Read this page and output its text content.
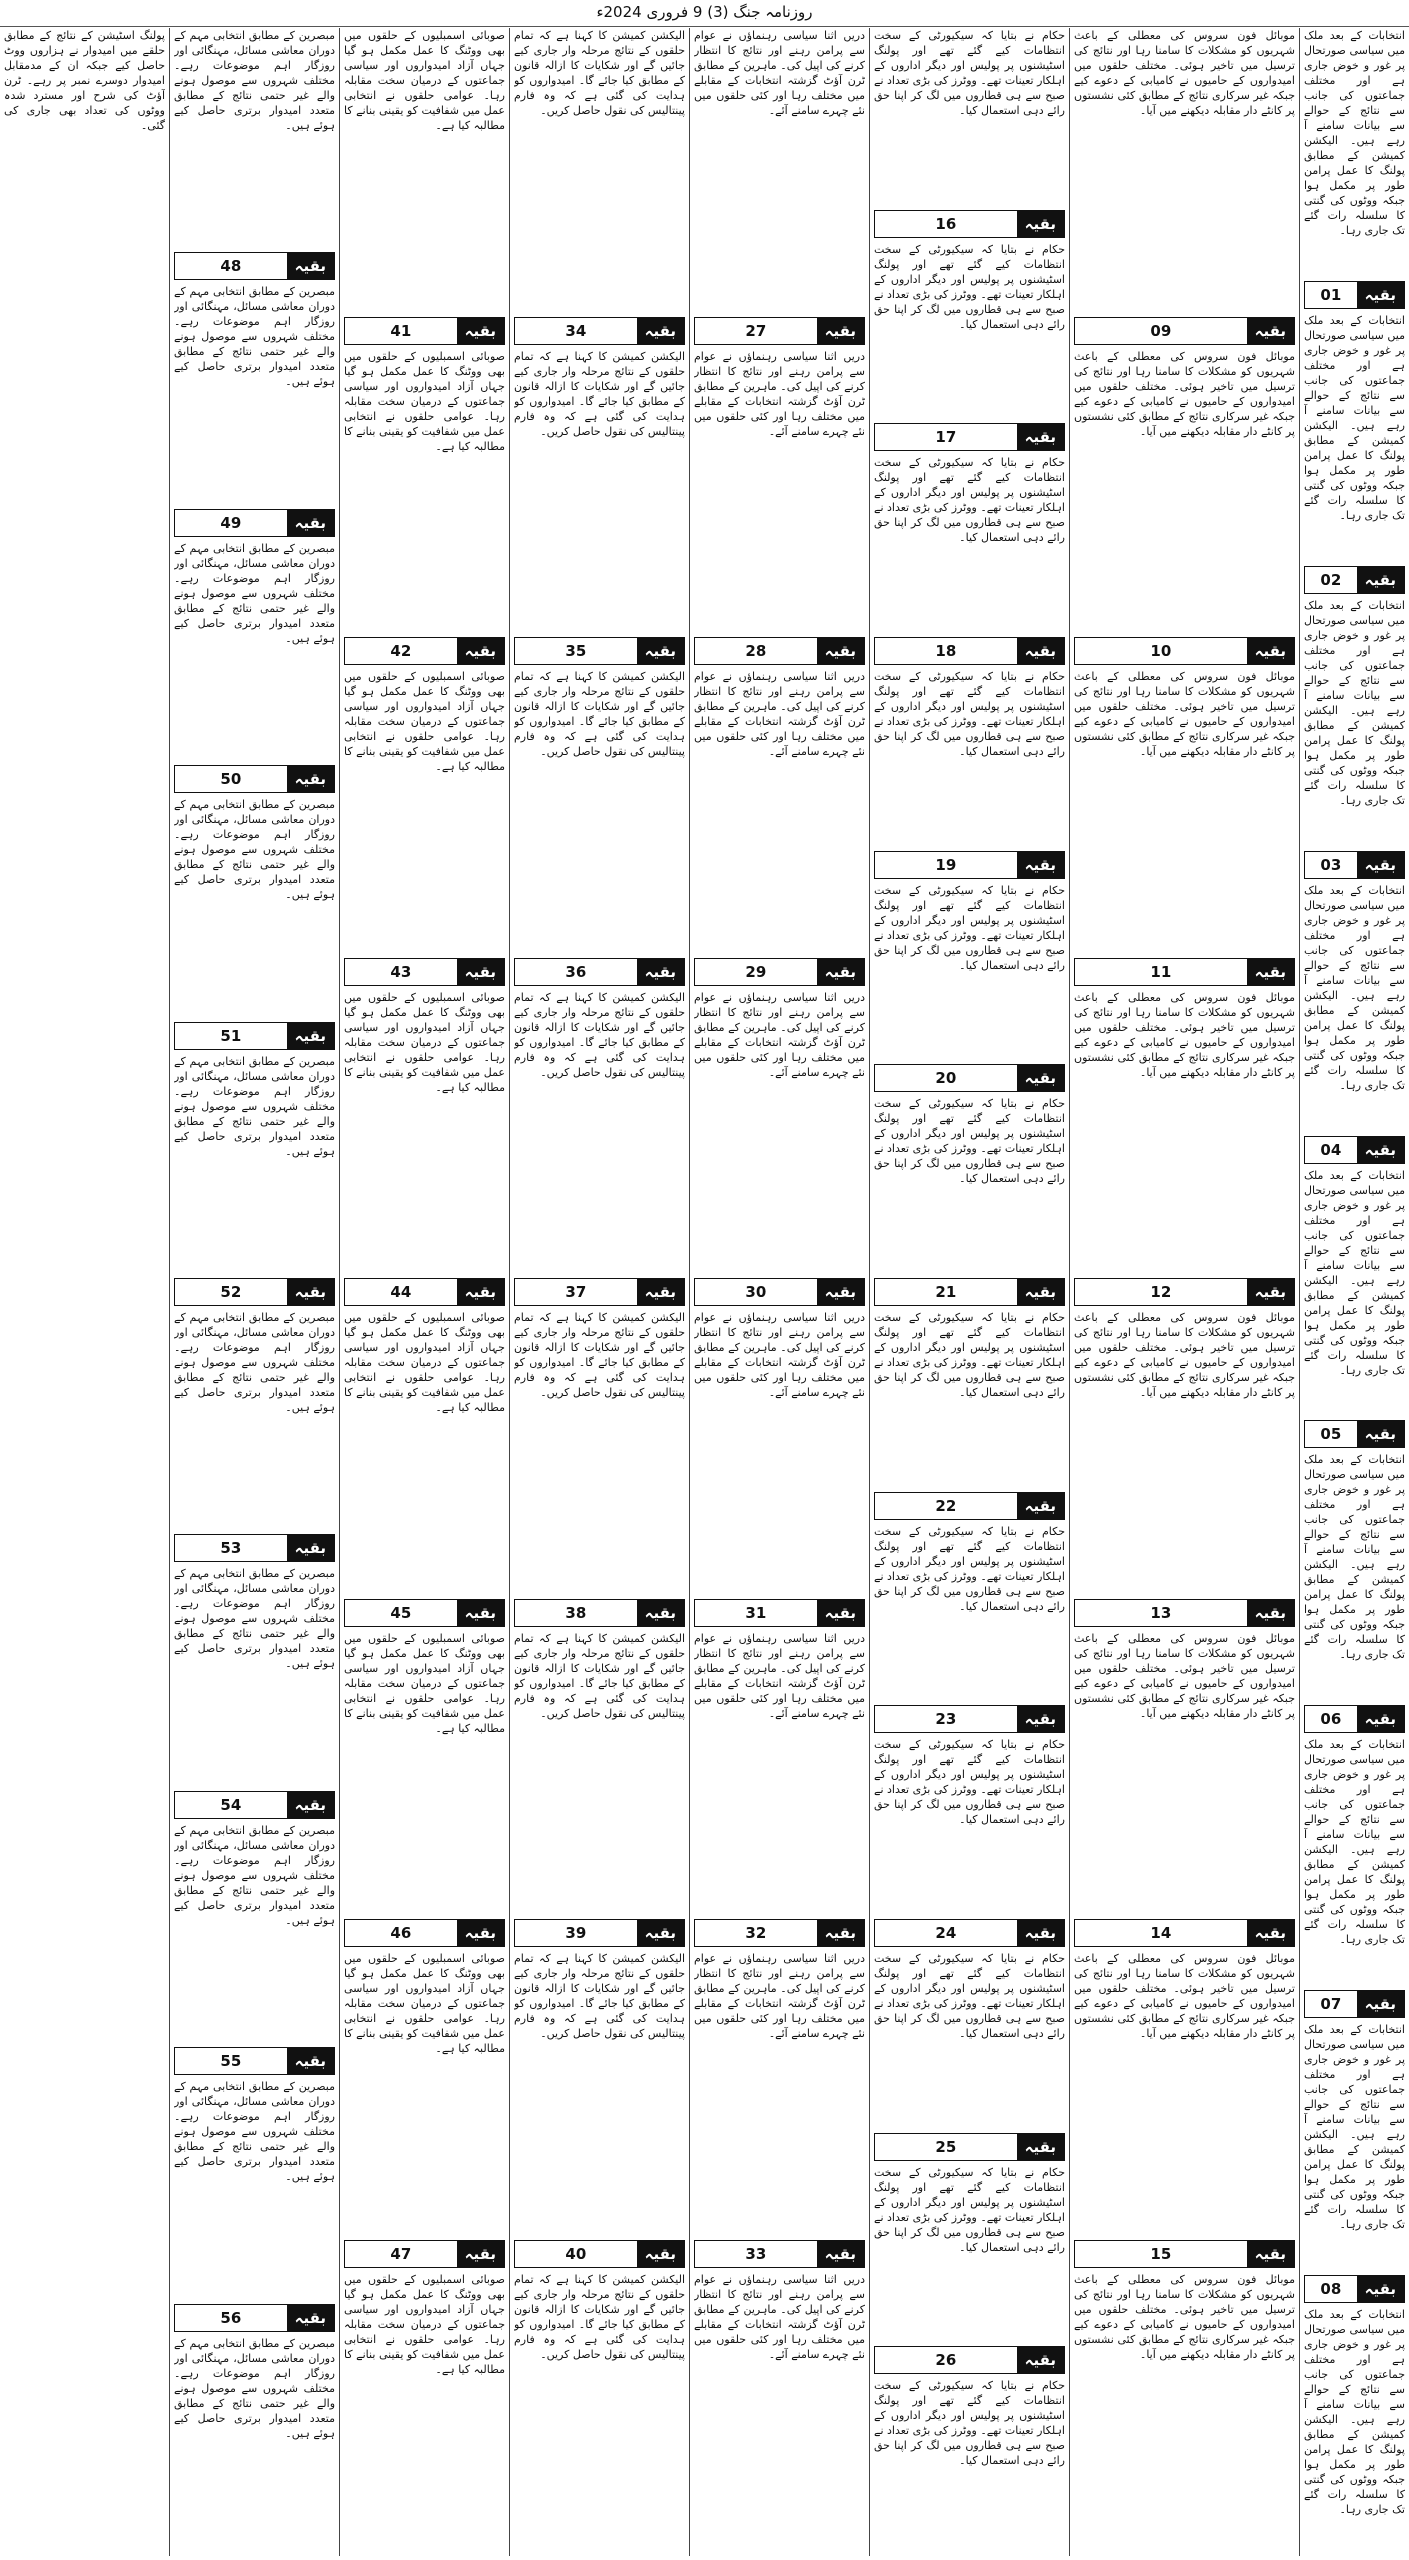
روزنامہ جنگ (3) 9 فروری 2024ء
انتخابات کے بعد ملک میں سیاسی صورتحال پر غور و خوض جاری ہے اور مختلف جماعتوں کی جانب سے نتائج کے حوالے سے بیانات سامنے آ رہے ہیں۔ الیکشن کمیشن کے مطابق پولنگ کا عمل پرامن طور پر مکمل ہوا جبکہ ووٹوں کی گنتی کا سلسلہ رات گئے تک جاری رہا۔
بقیہ
01
انتخابات کے بعد ملک میں سیاسی صورتحال پر غور و خوض جاری ہے اور مختلف جماعتوں کی جانب سے نتائج کے حوالے سے بیانات سامنے آ رہے ہیں۔ الیکشن کمیشن کے مطابق پولنگ کا عمل پرامن طور پر مکمل ہوا جبکہ ووٹوں کی گنتی کا سلسلہ رات گئے تک جاری رہا۔
بقیہ
02
انتخابات کے بعد ملک میں سیاسی صورتحال پر غور و خوض جاری ہے اور مختلف جماعتوں کی جانب سے نتائج کے حوالے سے بیانات سامنے آ رہے ہیں۔ الیکشن کمیشن کے مطابق پولنگ کا عمل پرامن طور پر مکمل ہوا جبکہ ووٹوں کی گنتی کا سلسلہ رات گئے تک جاری رہا۔
بقیہ
03
انتخابات کے بعد ملک میں سیاسی صورتحال پر غور و خوض جاری ہے اور مختلف جماعتوں کی جانب سے نتائج کے حوالے سے بیانات سامنے آ رہے ہیں۔ الیکشن کمیشن کے مطابق پولنگ کا عمل پرامن طور پر مکمل ہوا جبکہ ووٹوں کی گنتی کا سلسلہ رات گئے تک جاری رہا۔
بقیہ
04
انتخابات کے بعد ملک میں سیاسی صورتحال پر غور و خوض جاری ہے اور مختلف جماعتوں کی جانب سے نتائج کے حوالے سے بیانات سامنے آ رہے ہیں۔ الیکشن کمیشن کے مطابق پولنگ کا عمل پرامن طور پر مکمل ہوا جبکہ ووٹوں کی گنتی کا سلسلہ رات گئے تک جاری رہا۔
بقیہ
05
انتخابات کے بعد ملک میں سیاسی صورتحال پر غور و خوض جاری ہے اور مختلف جماعتوں کی جانب سے نتائج کے حوالے سے بیانات سامنے آ رہے ہیں۔ الیکشن کمیشن کے مطابق پولنگ کا عمل پرامن طور پر مکمل ہوا جبکہ ووٹوں کی گنتی کا سلسلہ رات گئے تک جاری رہا۔
بقیہ
06
انتخابات کے بعد ملک میں سیاسی صورتحال پر غور و خوض جاری ہے اور مختلف جماعتوں کی جانب سے نتائج کے حوالے سے بیانات سامنے آ رہے ہیں۔ الیکشن کمیشن کے مطابق پولنگ کا عمل پرامن طور پر مکمل ہوا جبکہ ووٹوں کی گنتی کا سلسلہ رات گئے تک جاری رہا۔
بقیہ
07
انتخابات کے بعد ملک میں سیاسی صورتحال پر غور و خوض جاری ہے اور مختلف جماعتوں کی جانب سے نتائج کے حوالے سے بیانات سامنے آ رہے ہیں۔ الیکشن کمیشن کے مطابق پولنگ کا عمل پرامن طور پر مکمل ہوا جبکہ ووٹوں کی گنتی کا سلسلہ رات گئے تک جاری رہا۔
بقیہ
08
انتخابات کے بعد ملک میں سیاسی صورتحال پر غور و خوض جاری ہے اور مختلف جماعتوں کی جانب سے نتائج کے حوالے سے بیانات سامنے آ رہے ہیں۔ الیکشن کمیشن کے مطابق پولنگ کا عمل پرامن طور پر مکمل ہوا جبکہ ووٹوں کی گنتی کا سلسلہ رات گئے تک جاری رہا۔
موبائل فون سروس کی معطلی کے باعث شہریوں کو مشکلات کا سامنا رہا اور نتائج کی ترسیل میں تاخیر ہوئی۔ مختلف حلقوں میں امیدواروں کے حامیوں نے کامیابی کے دعوے کیے جبکہ غیر سرکاری نتائج کے مطابق کئی نشستوں پر کانٹے دار مقابلہ دیکھنے میں آیا۔
بقیہ
09
موبائل فون سروس کی معطلی کے باعث شہریوں کو مشکلات کا سامنا رہا اور نتائج کی ترسیل میں تاخیر ہوئی۔ مختلف حلقوں میں امیدواروں کے حامیوں نے کامیابی کے دعوے کیے جبکہ غیر سرکاری نتائج کے مطابق کئی نشستوں پر کانٹے دار مقابلہ دیکھنے میں آیا۔
بقیہ
10
موبائل فون سروس کی معطلی کے باعث شہریوں کو مشکلات کا سامنا رہا اور نتائج کی ترسیل میں تاخیر ہوئی۔ مختلف حلقوں میں امیدواروں کے حامیوں نے کامیابی کے دعوے کیے جبکہ غیر سرکاری نتائج کے مطابق کئی نشستوں پر کانٹے دار مقابلہ دیکھنے میں آیا۔
بقیہ
11
موبائل فون سروس کی معطلی کے باعث شہریوں کو مشکلات کا سامنا رہا اور نتائج کی ترسیل میں تاخیر ہوئی۔ مختلف حلقوں میں امیدواروں کے حامیوں نے کامیابی کے دعوے کیے جبکہ غیر سرکاری نتائج کے مطابق کئی نشستوں پر کانٹے دار مقابلہ دیکھنے میں آیا۔
بقیہ
12
موبائل فون سروس کی معطلی کے باعث شہریوں کو مشکلات کا سامنا رہا اور نتائج کی ترسیل میں تاخیر ہوئی۔ مختلف حلقوں میں امیدواروں کے حامیوں نے کامیابی کے دعوے کیے جبکہ غیر سرکاری نتائج کے مطابق کئی نشستوں پر کانٹے دار مقابلہ دیکھنے میں آیا۔
بقیہ
13
موبائل فون سروس کی معطلی کے باعث شہریوں کو مشکلات کا سامنا رہا اور نتائج کی ترسیل میں تاخیر ہوئی۔ مختلف حلقوں میں امیدواروں کے حامیوں نے کامیابی کے دعوے کیے جبکہ غیر سرکاری نتائج کے مطابق کئی نشستوں پر کانٹے دار مقابلہ دیکھنے میں آیا۔
بقیہ
14
موبائل فون سروس کی معطلی کے باعث شہریوں کو مشکلات کا سامنا رہا اور نتائج کی ترسیل میں تاخیر ہوئی۔ مختلف حلقوں میں امیدواروں کے حامیوں نے کامیابی کے دعوے کیے جبکہ غیر سرکاری نتائج کے مطابق کئی نشستوں پر کانٹے دار مقابلہ دیکھنے میں آیا۔
بقیہ
15
موبائل فون سروس کی معطلی کے باعث شہریوں کو مشکلات کا سامنا رہا اور نتائج کی ترسیل میں تاخیر ہوئی۔ مختلف حلقوں میں امیدواروں کے حامیوں نے کامیابی کے دعوے کیے جبکہ غیر سرکاری نتائج کے مطابق کئی نشستوں پر کانٹے دار مقابلہ دیکھنے میں آیا۔
حکام نے بتایا کہ سیکیورٹی کے سخت انتظامات کیے گئے تھے اور پولنگ اسٹیشنوں پر پولیس اور دیگر اداروں کے اہلکار تعینات تھے۔ ووٹرز کی بڑی تعداد نے صبح سے ہی قطاروں میں لگ کر اپنا حق رائے دہی استعمال کیا۔
بقیہ
16
حکام نے بتایا کہ سیکیورٹی کے سخت انتظامات کیے گئے تھے اور پولنگ اسٹیشنوں پر پولیس اور دیگر اداروں کے اہلکار تعینات تھے۔ ووٹرز کی بڑی تعداد نے صبح سے ہی قطاروں میں لگ کر اپنا حق رائے دہی استعمال کیا۔
بقیہ
17
حکام نے بتایا کہ سیکیورٹی کے سخت انتظامات کیے گئے تھے اور پولنگ اسٹیشنوں پر پولیس اور دیگر اداروں کے اہلکار تعینات تھے۔ ووٹرز کی بڑی تعداد نے صبح سے ہی قطاروں میں لگ کر اپنا حق رائے دہی استعمال کیا۔
بقیہ
18
حکام نے بتایا کہ سیکیورٹی کے سخت انتظامات کیے گئے تھے اور پولنگ اسٹیشنوں پر پولیس اور دیگر اداروں کے اہلکار تعینات تھے۔ ووٹرز کی بڑی تعداد نے صبح سے ہی قطاروں میں لگ کر اپنا حق رائے دہی استعمال کیا۔
بقیہ
19
حکام نے بتایا کہ سیکیورٹی کے سخت انتظامات کیے گئے تھے اور پولنگ اسٹیشنوں پر پولیس اور دیگر اداروں کے اہلکار تعینات تھے۔ ووٹرز کی بڑی تعداد نے صبح سے ہی قطاروں میں لگ کر اپنا حق رائے دہی استعمال کیا۔
بقیہ
20
حکام نے بتایا کہ سیکیورٹی کے سخت انتظامات کیے گئے تھے اور پولنگ اسٹیشنوں پر پولیس اور دیگر اداروں کے اہلکار تعینات تھے۔ ووٹرز کی بڑی تعداد نے صبح سے ہی قطاروں میں لگ کر اپنا حق رائے دہی استعمال کیا۔
بقیہ
21
حکام نے بتایا کہ سیکیورٹی کے سخت انتظامات کیے گئے تھے اور پولنگ اسٹیشنوں پر پولیس اور دیگر اداروں کے اہلکار تعینات تھے۔ ووٹرز کی بڑی تعداد نے صبح سے ہی قطاروں میں لگ کر اپنا حق رائے دہی استعمال کیا۔
بقیہ
22
حکام نے بتایا کہ سیکیورٹی کے سخت انتظامات کیے گئے تھے اور پولنگ اسٹیشنوں پر پولیس اور دیگر اداروں کے اہلکار تعینات تھے۔ ووٹرز کی بڑی تعداد نے صبح سے ہی قطاروں میں لگ کر اپنا حق رائے دہی استعمال کیا۔
بقیہ
23
حکام نے بتایا کہ سیکیورٹی کے سخت انتظامات کیے گئے تھے اور پولنگ اسٹیشنوں پر پولیس اور دیگر اداروں کے اہلکار تعینات تھے۔ ووٹرز کی بڑی تعداد نے صبح سے ہی قطاروں میں لگ کر اپنا حق رائے دہی استعمال کیا۔
بقیہ
24
حکام نے بتایا کہ سیکیورٹی کے سخت انتظامات کیے گئے تھے اور پولنگ اسٹیشنوں پر پولیس اور دیگر اداروں کے اہلکار تعینات تھے۔ ووٹرز کی بڑی تعداد نے صبح سے ہی قطاروں میں لگ کر اپنا حق رائے دہی استعمال کیا۔
بقیہ
25
حکام نے بتایا کہ سیکیورٹی کے سخت انتظامات کیے گئے تھے اور پولنگ اسٹیشنوں پر پولیس اور دیگر اداروں کے اہلکار تعینات تھے۔ ووٹرز کی بڑی تعداد نے صبح سے ہی قطاروں میں لگ کر اپنا حق رائے دہی استعمال کیا۔
بقیہ
26
حکام نے بتایا کہ سیکیورٹی کے سخت انتظامات کیے گئے تھے اور پولنگ اسٹیشنوں پر پولیس اور دیگر اداروں کے اہلکار تعینات تھے۔ ووٹرز کی بڑی تعداد نے صبح سے ہی قطاروں میں لگ کر اپنا حق رائے دہی استعمال کیا۔
دریں اثنا سیاسی رہنماؤں نے عوام سے پرامن رہنے اور نتائج کا انتظار کرنے کی اپیل کی۔ ماہرین کے مطابق ٹرن آؤٹ گزشتہ انتخابات کے مقابلے میں مختلف رہا اور کئی حلقوں میں نئے چہرے سامنے آئے۔
بقیہ
27
دریں اثنا سیاسی رہنماؤں نے عوام سے پرامن رہنے اور نتائج کا انتظار کرنے کی اپیل کی۔ ماہرین کے مطابق ٹرن آؤٹ گزشتہ انتخابات کے مقابلے میں مختلف رہا اور کئی حلقوں میں نئے چہرے سامنے آئے۔
بقیہ
28
دریں اثنا سیاسی رہنماؤں نے عوام سے پرامن رہنے اور نتائج کا انتظار کرنے کی اپیل کی۔ ماہرین کے مطابق ٹرن آؤٹ گزشتہ انتخابات کے مقابلے میں مختلف رہا اور کئی حلقوں میں نئے چہرے سامنے آئے۔
بقیہ
29
دریں اثنا سیاسی رہنماؤں نے عوام سے پرامن رہنے اور نتائج کا انتظار کرنے کی اپیل کی۔ ماہرین کے مطابق ٹرن آؤٹ گزشتہ انتخابات کے مقابلے میں مختلف رہا اور کئی حلقوں میں نئے چہرے سامنے آئے۔
بقیہ
30
دریں اثنا سیاسی رہنماؤں نے عوام سے پرامن رہنے اور نتائج کا انتظار کرنے کی اپیل کی۔ ماہرین کے مطابق ٹرن آؤٹ گزشتہ انتخابات کے مقابلے میں مختلف رہا اور کئی حلقوں میں نئے چہرے سامنے آئے۔
بقیہ
31
دریں اثنا سیاسی رہنماؤں نے عوام سے پرامن رہنے اور نتائج کا انتظار کرنے کی اپیل کی۔ ماہرین کے مطابق ٹرن آؤٹ گزشتہ انتخابات کے مقابلے میں مختلف رہا اور کئی حلقوں میں نئے چہرے سامنے آئے۔
بقیہ
32
دریں اثنا سیاسی رہنماؤں نے عوام سے پرامن رہنے اور نتائج کا انتظار کرنے کی اپیل کی۔ ماہرین کے مطابق ٹرن آؤٹ گزشتہ انتخابات کے مقابلے میں مختلف رہا اور کئی حلقوں میں نئے چہرے سامنے آئے۔
بقیہ
33
دریں اثنا سیاسی رہنماؤں نے عوام سے پرامن رہنے اور نتائج کا انتظار کرنے کی اپیل کی۔ ماہرین کے مطابق ٹرن آؤٹ گزشتہ انتخابات کے مقابلے میں مختلف رہا اور کئی حلقوں میں نئے چہرے سامنے آئے۔
الیکشن کمیشن کا کہنا ہے کہ تمام حلقوں کے نتائج مرحلہ وار جاری کیے جائیں گے اور شکایات کا ازالہ قانون کے مطابق کیا جائے گا۔ امیدواروں کو ہدایت کی گئی ہے کہ وہ فارم پینتالیس کی نقول حاصل کریں۔
بقیہ
34
الیکشن کمیشن کا کہنا ہے کہ تمام حلقوں کے نتائج مرحلہ وار جاری کیے جائیں گے اور شکایات کا ازالہ قانون کے مطابق کیا جائے گا۔ امیدواروں کو ہدایت کی گئی ہے کہ وہ فارم پینتالیس کی نقول حاصل کریں۔
بقیہ
35
الیکشن کمیشن کا کہنا ہے کہ تمام حلقوں کے نتائج مرحلہ وار جاری کیے جائیں گے اور شکایات کا ازالہ قانون کے مطابق کیا جائے گا۔ امیدواروں کو ہدایت کی گئی ہے کہ وہ فارم پینتالیس کی نقول حاصل کریں۔
بقیہ
36
الیکشن کمیشن کا کہنا ہے کہ تمام حلقوں کے نتائج مرحلہ وار جاری کیے جائیں گے اور شکایات کا ازالہ قانون کے مطابق کیا جائے گا۔ امیدواروں کو ہدایت کی گئی ہے کہ وہ فارم پینتالیس کی نقول حاصل کریں۔
بقیہ
37
الیکشن کمیشن کا کہنا ہے کہ تمام حلقوں کے نتائج مرحلہ وار جاری کیے جائیں گے اور شکایات کا ازالہ قانون کے مطابق کیا جائے گا۔ امیدواروں کو ہدایت کی گئی ہے کہ وہ فارم پینتالیس کی نقول حاصل کریں۔
بقیہ
38
الیکشن کمیشن کا کہنا ہے کہ تمام حلقوں کے نتائج مرحلہ وار جاری کیے جائیں گے اور شکایات کا ازالہ قانون کے مطابق کیا جائے گا۔ امیدواروں کو ہدایت کی گئی ہے کہ وہ فارم پینتالیس کی نقول حاصل کریں۔
بقیہ
39
الیکشن کمیشن کا کہنا ہے کہ تمام حلقوں کے نتائج مرحلہ وار جاری کیے جائیں گے اور شکایات کا ازالہ قانون کے مطابق کیا جائے گا۔ امیدواروں کو ہدایت کی گئی ہے کہ وہ فارم پینتالیس کی نقول حاصل کریں۔
بقیہ
40
الیکشن کمیشن کا کہنا ہے کہ تمام حلقوں کے نتائج مرحلہ وار جاری کیے جائیں گے اور شکایات کا ازالہ قانون کے مطابق کیا جائے گا۔ امیدواروں کو ہدایت کی گئی ہے کہ وہ فارم پینتالیس کی نقول حاصل کریں۔
صوبائی اسمبلیوں کے حلقوں میں بھی ووٹنگ کا عمل مکمل ہو گیا جہاں آزاد امیدواروں اور سیاسی جماعتوں کے درمیان سخت مقابلہ رہا۔ عوامی حلقوں نے انتخابی عمل میں شفافیت کو یقینی بنانے کا مطالبہ کیا ہے۔
بقیہ
41
صوبائی اسمبلیوں کے حلقوں میں بھی ووٹنگ کا عمل مکمل ہو گیا جہاں آزاد امیدواروں اور سیاسی جماعتوں کے درمیان سخت مقابلہ رہا۔ عوامی حلقوں نے انتخابی عمل میں شفافیت کو یقینی بنانے کا مطالبہ کیا ہے۔
بقیہ
42
صوبائی اسمبلیوں کے حلقوں میں بھی ووٹنگ کا عمل مکمل ہو گیا جہاں آزاد امیدواروں اور سیاسی جماعتوں کے درمیان سخت مقابلہ رہا۔ عوامی حلقوں نے انتخابی عمل میں شفافیت کو یقینی بنانے کا مطالبہ کیا ہے۔
بقیہ
43
صوبائی اسمبلیوں کے حلقوں میں بھی ووٹنگ کا عمل مکمل ہو گیا جہاں آزاد امیدواروں اور سیاسی جماعتوں کے درمیان سخت مقابلہ رہا۔ عوامی حلقوں نے انتخابی عمل میں شفافیت کو یقینی بنانے کا مطالبہ کیا ہے۔
بقیہ
44
صوبائی اسمبلیوں کے حلقوں میں بھی ووٹنگ کا عمل مکمل ہو گیا جہاں آزاد امیدواروں اور سیاسی جماعتوں کے درمیان سخت مقابلہ رہا۔ عوامی حلقوں نے انتخابی عمل میں شفافیت کو یقینی بنانے کا مطالبہ کیا ہے۔
بقیہ
45
صوبائی اسمبلیوں کے حلقوں میں بھی ووٹنگ کا عمل مکمل ہو گیا جہاں آزاد امیدواروں اور سیاسی جماعتوں کے درمیان سخت مقابلہ رہا۔ عوامی حلقوں نے انتخابی عمل میں شفافیت کو یقینی بنانے کا مطالبہ کیا ہے۔
بقیہ
46
صوبائی اسمبلیوں کے حلقوں میں بھی ووٹنگ کا عمل مکمل ہو گیا جہاں آزاد امیدواروں اور سیاسی جماعتوں کے درمیان سخت مقابلہ رہا۔ عوامی حلقوں نے انتخابی عمل میں شفافیت کو یقینی بنانے کا مطالبہ کیا ہے۔
بقیہ
47
صوبائی اسمبلیوں کے حلقوں میں بھی ووٹنگ کا عمل مکمل ہو گیا جہاں آزاد امیدواروں اور سیاسی جماعتوں کے درمیان سخت مقابلہ رہا۔ عوامی حلقوں نے انتخابی عمل میں شفافیت کو یقینی بنانے کا مطالبہ کیا ہے۔
مبصرین کے مطابق انتخابی مہم کے دوران معاشی مسائل، مہنگائی اور روزگار اہم موضوعات رہے۔ مختلف شہروں سے موصول ہونے والے غیر حتمی نتائج کے مطابق متعدد امیدوار برتری حاصل کیے ہوئے ہیں۔
بقیہ
48
مبصرین کے مطابق انتخابی مہم کے دوران معاشی مسائل، مہنگائی اور روزگار اہم موضوعات رہے۔ مختلف شہروں سے موصول ہونے والے غیر حتمی نتائج کے مطابق متعدد امیدوار برتری حاصل کیے ہوئے ہیں۔
بقیہ
49
مبصرین کے مطابق انتخابی مہم کے دوران معاشی مسائل، مہنگائی اور روزگار اہم موضوعات رہے۔ مختلف شہروں سے موصول ہونے والے غیر حتمی نتائج کے مطابق متعدد امیدوار برتری حاصل کیے ہوئے ہیں۔
بقیہ
50
مبصرین کے مطابق انتخابی مہم کے دوران معاشی مسائل، مہنگائی اور روزگار اہم موضوعات رہے۔ مختلف شہروں سے موصول ہونے والے غیر حتمی نتائج کے مطابق متعدد امیدوار برتری حاصل کیے ہوئے ہیں۔
بقیہ
51
مبصرین کے مطابق انتخابی مہم کے دوران معاشی مسائل، مہنگائی اور روزگار اہم موضوعات رہے۔ مختلف شہروں سے موصول ہونے والے غیر حتمی نتائج کے مطابق متعدد امیدوار برتری حاصل کیے ہوئے ہیں۔
بقیہ
52
مبصرین کے مطابق انتخابی مہم کے دوران معاشی مسائل، مہنگائی اور روزگار اہم موضوعات رہے۔ مختلف شہروں سے موصول ہونے والے غیر حتمی نتائج کے مطابق متعدد امیدوار برتری حاصل کیے ہوئے ہیں۔
بقیہ
53
مبصرین کے مطابق انتخابی مہم کے دوران معاشی مسائل، مہنگائی اور روزگار اہم موضوعات رہے۔ مختلف شہروں سے موصول ہونے والے غیر حتمی نتائج کے مطابق متعدد امیدوار برتری حاصل کیے ہوئے ہیں۔
بقیہ
54
مبصرین کے مطابق انتخابی مہم کے دوران معاشی مسائل، مہنگائی اور روزگار اہم موضوعات رہے۔ مختلف شہروں سے موصول ہونے والے غیر حتمی نتائج کے مطابق متعدد امیدوار برتری حاصل کیے ہوئے ہیں۔
بقیہ
55
مبصرین کے مطابق انتخابی مہم کے دوران معاشی مسائل، مہنگائی اور روزگار اہم موضوعات رہے۔ مختلف شہروں سے موصول ہونے والے غیر حتمی نتائج کے مطابق متعدد امیدوار برتری حاصل کیے ہوئے ہیں۔
بقیہ
56
مبصرین کے مطابق انتخابی مہم کے دوران معاشی مسائل، مہنگائی اور روزگار اہم موضوعات رہے۔ مختلف شہروں سے موصول ہونے والے غیر حتمی نتائج کے مطابق متعدد امیدوار برتری حاصل کیے ہوئے ہیں۔
پولنگ اسٹیشن کے نتائج کے مطابق حلقے میں امیدوار نے ہزاروں ووٹ حاصل کیے جبکہ ان کے مدمقابل امیدوار دوسرے نمبر پر رہے۔ ٹرن آؤٹ کی شرح اور مسترد شدہ ووٹوں کی تعداد بھی جاری کی گئی۔
